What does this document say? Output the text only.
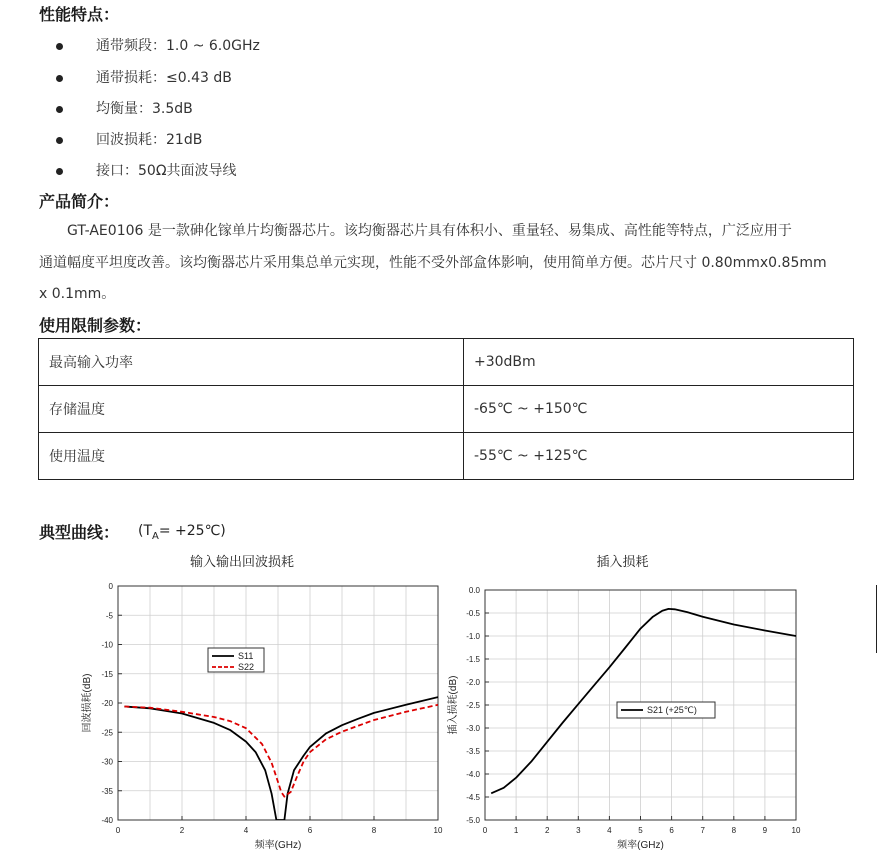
性能特点：
通带频段：1.0 ~ 6.0GHz
通带损耗：≤0.43 dB
均衡量：3.5dB
回波损耗：21dB
接口：50Ω共面波导线
产品简介：
　　GT-AE0106 是一款砷化镓单片均衡器芯片。该均衡器芯片具有体积小、重量轻、易集成、高性能等特点，广泛应用于
通道幅度平坦度改善。该均衡器芯片采用集总单元实现，性能不受外部盒体影响，使用简单方便。芯片尺寸 0.80mmx0.85mm
x 0.1mm。
使用限制参数：
最高输入功率	+30dBm
存储温度	-65℃ ~ +150℃
使用温度	-55℃ ~ +125℃
典型曲线： ($T_A=$ +25℃)
输入输出回波损耗
0	2	4	6	8	10
0
-5
-10
-15
-20
-25
-30
-35
-40
频率(GHz)
回波损耗(dB)
S11
S22
插入损耗
0	1	2	3	4	5	6	7	8	9	10
0.0
-0.5
-1.0
-1.5
-2.0
-2.5
-3.0
-3.5
-4.0
-4.5
-5.0
频率(GHz)
插入损耗(dB)	S21 (+25℃)
